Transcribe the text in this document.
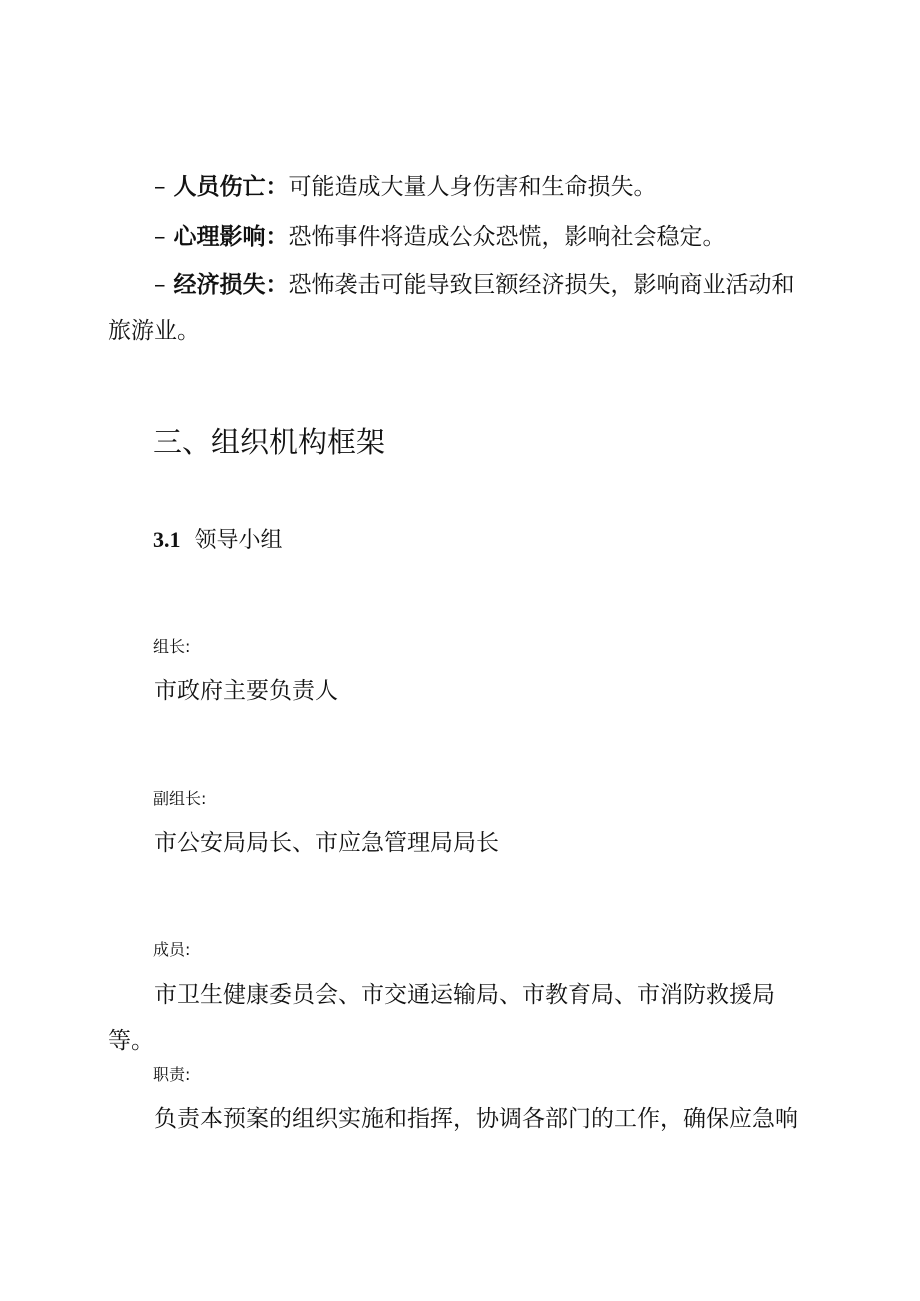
– 人员伤亡：可能造成大量人身伤害和生命损失。

– 心理影响：恐怖事件将造成公众恐慌，影响社会稳定。

– 经济损失：恐怖袭击可能导致巨额经济损失，影响商业活动和旅游业。

三、组织机构框架
3.1 领导小组

组长:

市政府主要负责人

副组长:

市公安局局长、市应急管理局局长

成员:

市卫生健康委员会、市交通运输局、市教育局、市消防救援局等。

职责:

负责本预案的组织实施和指挥，协调各部门的工作，确保应急响
